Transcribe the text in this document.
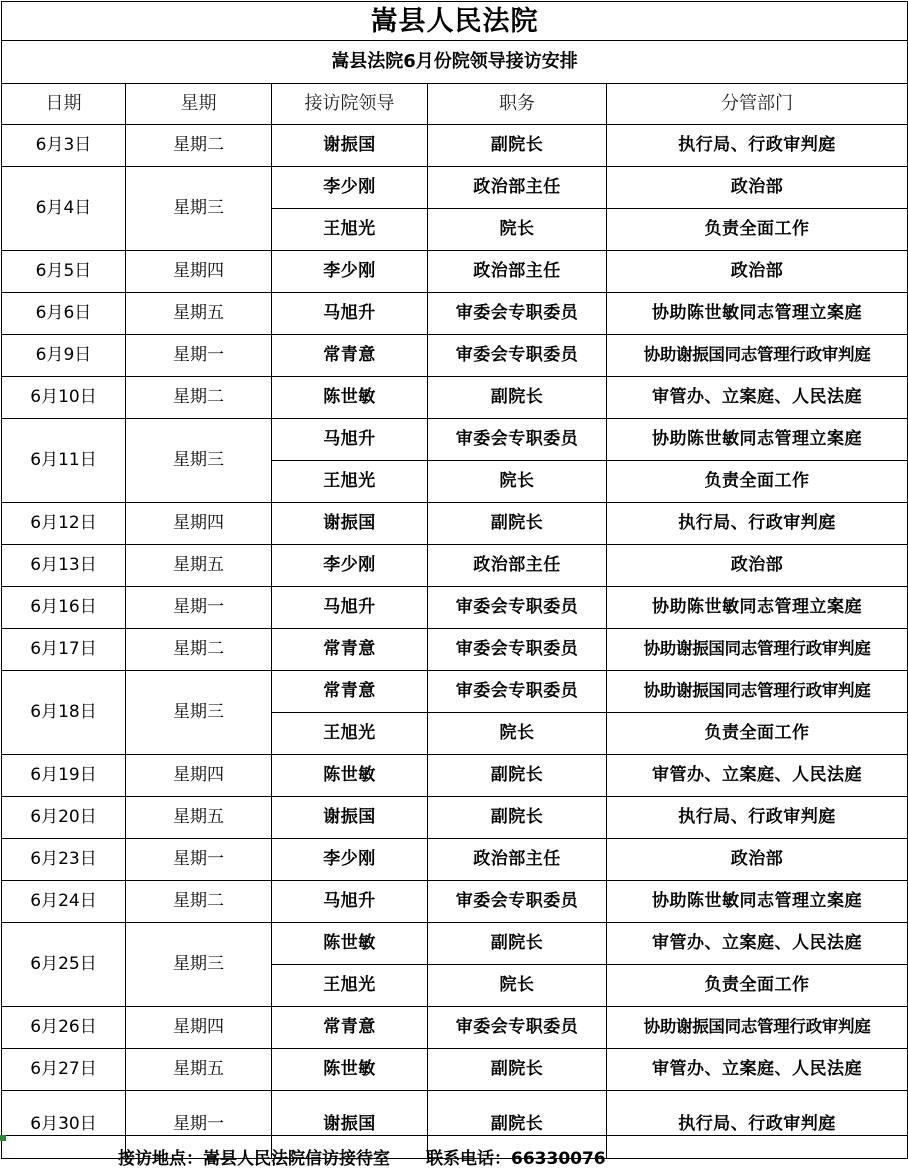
嵩县人民法院				
嵩县法院6月份院领导接访安排				
日期	星期	接访院领导	职务	分管部门
6月3日	星期二	谢振国	副院长	执行局、行政审判庭
6月4日	星期三	李少刚	政治部主任	政治部
		王旭光	院长	负责全面工作
6月5日	星期四	李少刚	政治部主任	政治部
6月6日	星期五	马旭升	审委会专职委员	协助陈世敏同志管理立案庭
6月9日	星期一	常青意	审委会专职委员	协助谢振国同志管理行政审判庭
6月10日	星期二	陈世敏	副院长	审管办、立案庭、人民法庭
6月11日	星期三	马旭升	审委会专职委员	协助陈世敏同志管理立案庭
		王旭光	院长	负责全面工作
6月12日	星期四	谢振国	副院长	执行局、行政审判庭
6月13日	星期五	李少刚	政治部主任	政治部
6月16日	星期一	马旭升	审委会专职委员	协助陈世敏同志管理立案庭
6月17日	星期二	常青意	审委会专职委员	协助谢振国同志管理行政审判庭
6月18日	星期三	常青意	审委会专职委员	协助谢振国同志管理行政审判庭
		王旭光	院长	负责全面工作
6月19日	星期四	陈世敏	副院长	审管办、立案庭、人民法庭
6月20日	星期五	谢振国	副院长	执行局、行政审判庭
6月23日	星期一	李少刚	政治部主任	政治部
6月24日	星期二	马旭升	审委会专职委员	协助陈世敏同志管理立案庭
6月25日	星期三	陈世敏	副院长	审管办、立案庭、人民法庭
		王旭光	院长	负责全面工作
6月26日	星期四	常青意	审委会专职委员	协助谢振国同志管理行政审判庭
6月27日	星期五	陈世敏	副院长	审管办、立案庭、人民法庭
6月30日	星期一	谢振国	副院长	执行局、行政审判庭
接访地点：嵩县人民法院信访接待室 联系电话：66330076
